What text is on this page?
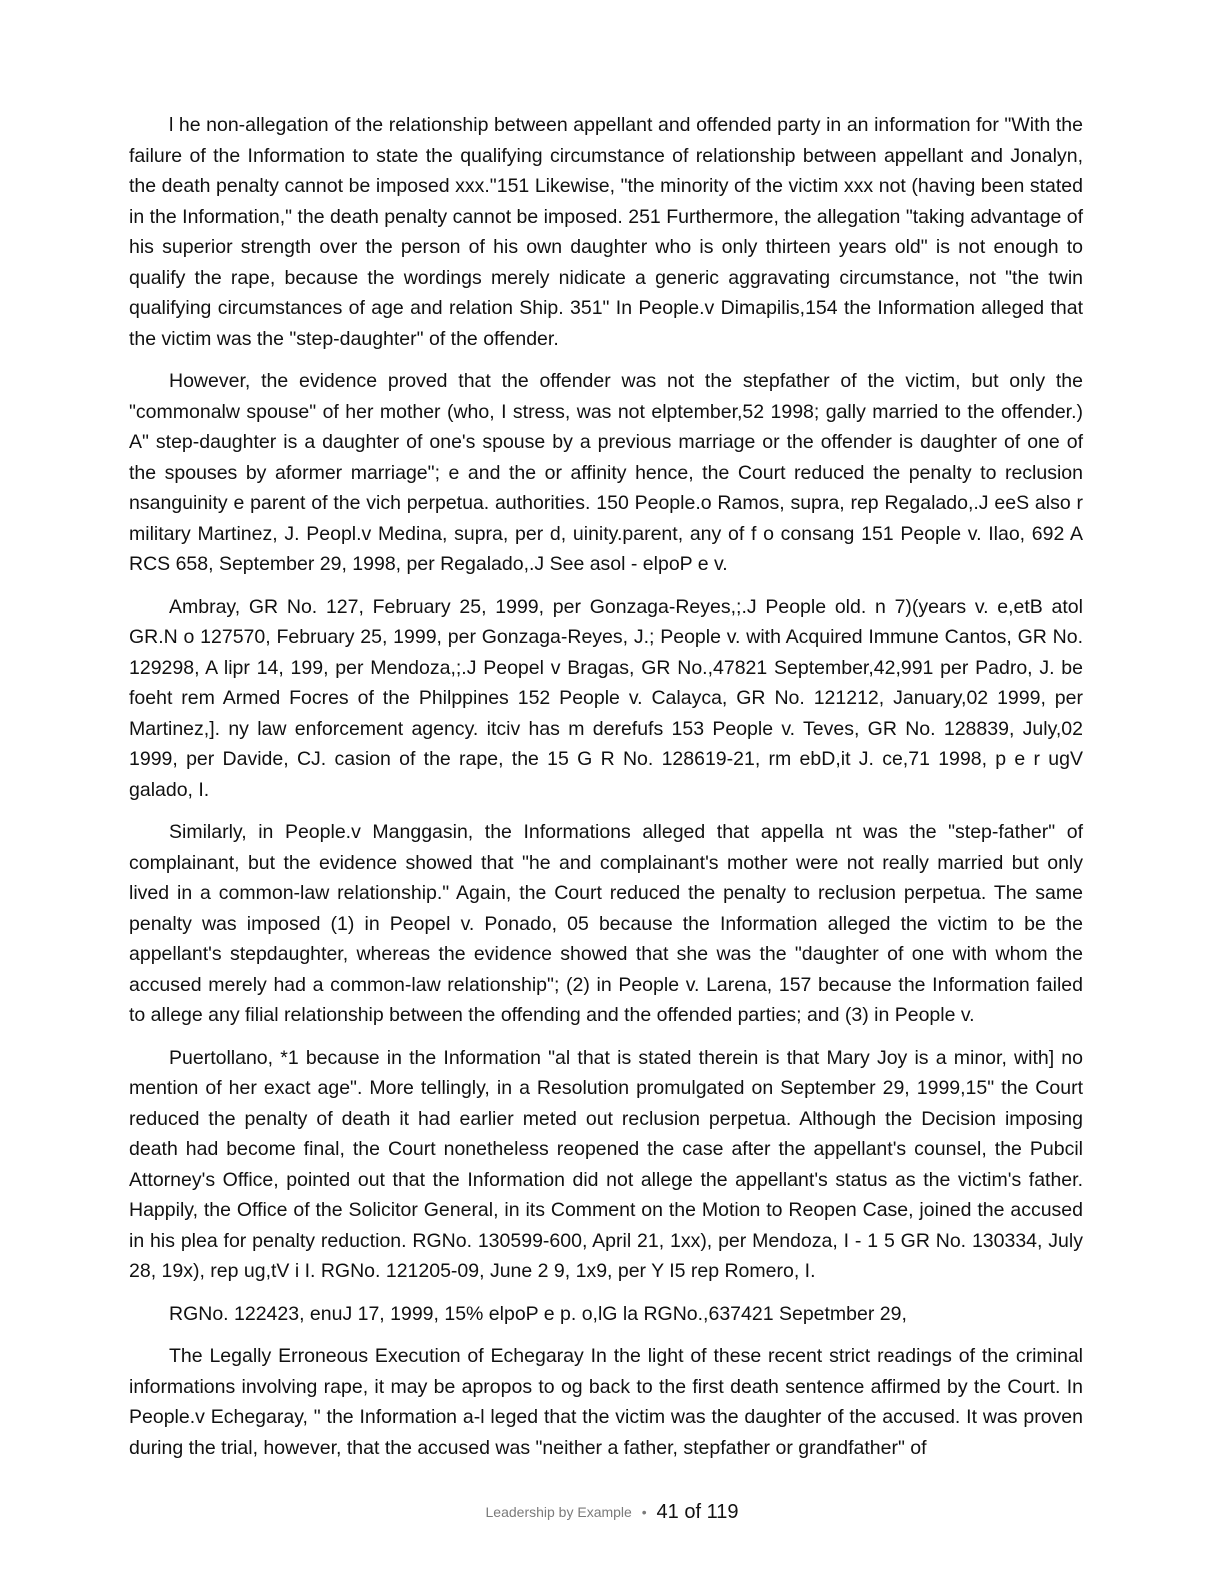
l he non-allegation of the relationship between appellant and offended party in an information for "With the failure of the Information to state the qualifying circumstance of relationship between appellant and Jonalyn, the death penalty cannot be imposed xxx."151 Likewise, "the minority of the victim xxx not (having been stated in the Information," the death penalty cannot be imposed. 251 Furthermore, the allegation "taking advantage of his superior strength over the person of his own daughter who is only thirteen years old" is not enough to qualify the rape, because the wordings merely nidicate a generic aggravating circumstance, not "the twin qualifying circumstances of age and relation Ship. 351" In People.v Dimapilis,154 the Information alleged that the victim was the "step-daughter" of the offender.

However, the evidence proved that the offender was not the stepfather of the victim, but only the "commonalw spouse" of her mother (who, I stress, was not elptember,52 1998; gally married to the offender.) A" step-daughter is a daughter of one's spouse by a previous marriage or the offender is daughter of one of the spouses by aformer marriage"; e and the or affinity hence, the Court reduced the penalty to reclusion nsanguinity e parent of the vich perpetua. authorities. 150 People.o Ramos, supra, rep Regalado,.J eeS also r military Martinez, J. Peopl.v Medina, supra, per d, uinity.parent, any of f o consang 151 People v. Ilao, 692 A RCS 658, September 29, 1998, per Regalado,.J See asol - elpoP e v.

Ambray, GR No. 127, February 25, 1999, per Gonzaga-Reyes,;.J People old. n 7)(years v. e,etB atol GR.N o 127570, February 25, 1999, per Gonzaga-Reyes, J.; People v. with Acquired Immune Cantos, GR No. 129298, A lipr 14, 199, per Mendoza,;.J Peopel v Bragas, GR No.,47821 September,42,991 per Padro, J. be foeht rem Armed Focres of the Philppines 152 People v. Calayca, GR No. 121212, January,02 1999, per Martinez,]. ny law enforcement agency. itciv has m derefufs 153 People v. Teves, GR No. 128839, July,02 1999, per Davide, CJ. casion of the rape, the 15 G R No. 128619-21, rm ebD,it J. ce,71 1998, p e r ugV galado, I.

Similarly, in People.v Manggasin, the Informations alleged that appella nt was the "step-father" of complainant, but the evidence showed that "he and complainant's mother were not really married but only lived in a common-law relationship." Again, the Court reduced the penalty to reclusion perpetua. The same penalty was imposed (1) in Peopel v. Ponado, 05 because the Information alleged the victim to be the appellant's stepdaughter, whereas the evidence showed that she was the "daughter of one with whom the accused merely had a common-law relationship"; (2) in People v. Larena, 157 because the Information failed to allege any filial relationship between the offending and the offended parties; and (3) in People v.

Puertollano, *1 because in the Information "al that is stated therein is that Mary Joy is a minor, with] no mention of her exact age". More tellingly, in a Resolution promulgated on September 29, 1999,15" the Court reduced the penalty of death it had earlier meted out reclusion perpetua. Although the Decision imposing death had become final, the Court nonetheless reopened the case after the appellant's counsel, the Pubcil Attorney's Office, pointed out that the Information did not allege the appellant's status as the victim's father. Happily, the Office of the Solicitor General, in its Comment on the Motion to Reopen Case, joined the accused in his plea for penalty reduction. RGNo. 130599-600, April 21, 1xx), per Mendoza, I - 1 5 GR No. 130334, July 28, 19x), rep ug,tV i I. RGNo. 121205-09, June 2 9, 1x9, per Y I5 rep Romero, I.

RGNo. 122423, enuJ 17, 1999, 15% elpoP e p. o,lG la RGNo.,637421 Sepetmber 29,

The Legally Erroneous Execution of Echegaray In the light of these recent strict readings of the criminal informations involving rape, it may be apropos to og back to the first death sentence affirmed by the Court. In People.v Echegaray, " the Information a-l leged that the victim was the daughter of the accused. It was proven during the trial, however, that the accused was "neither a father, stepfather or grandfather" of

Leadership by Example • 41 of 119
